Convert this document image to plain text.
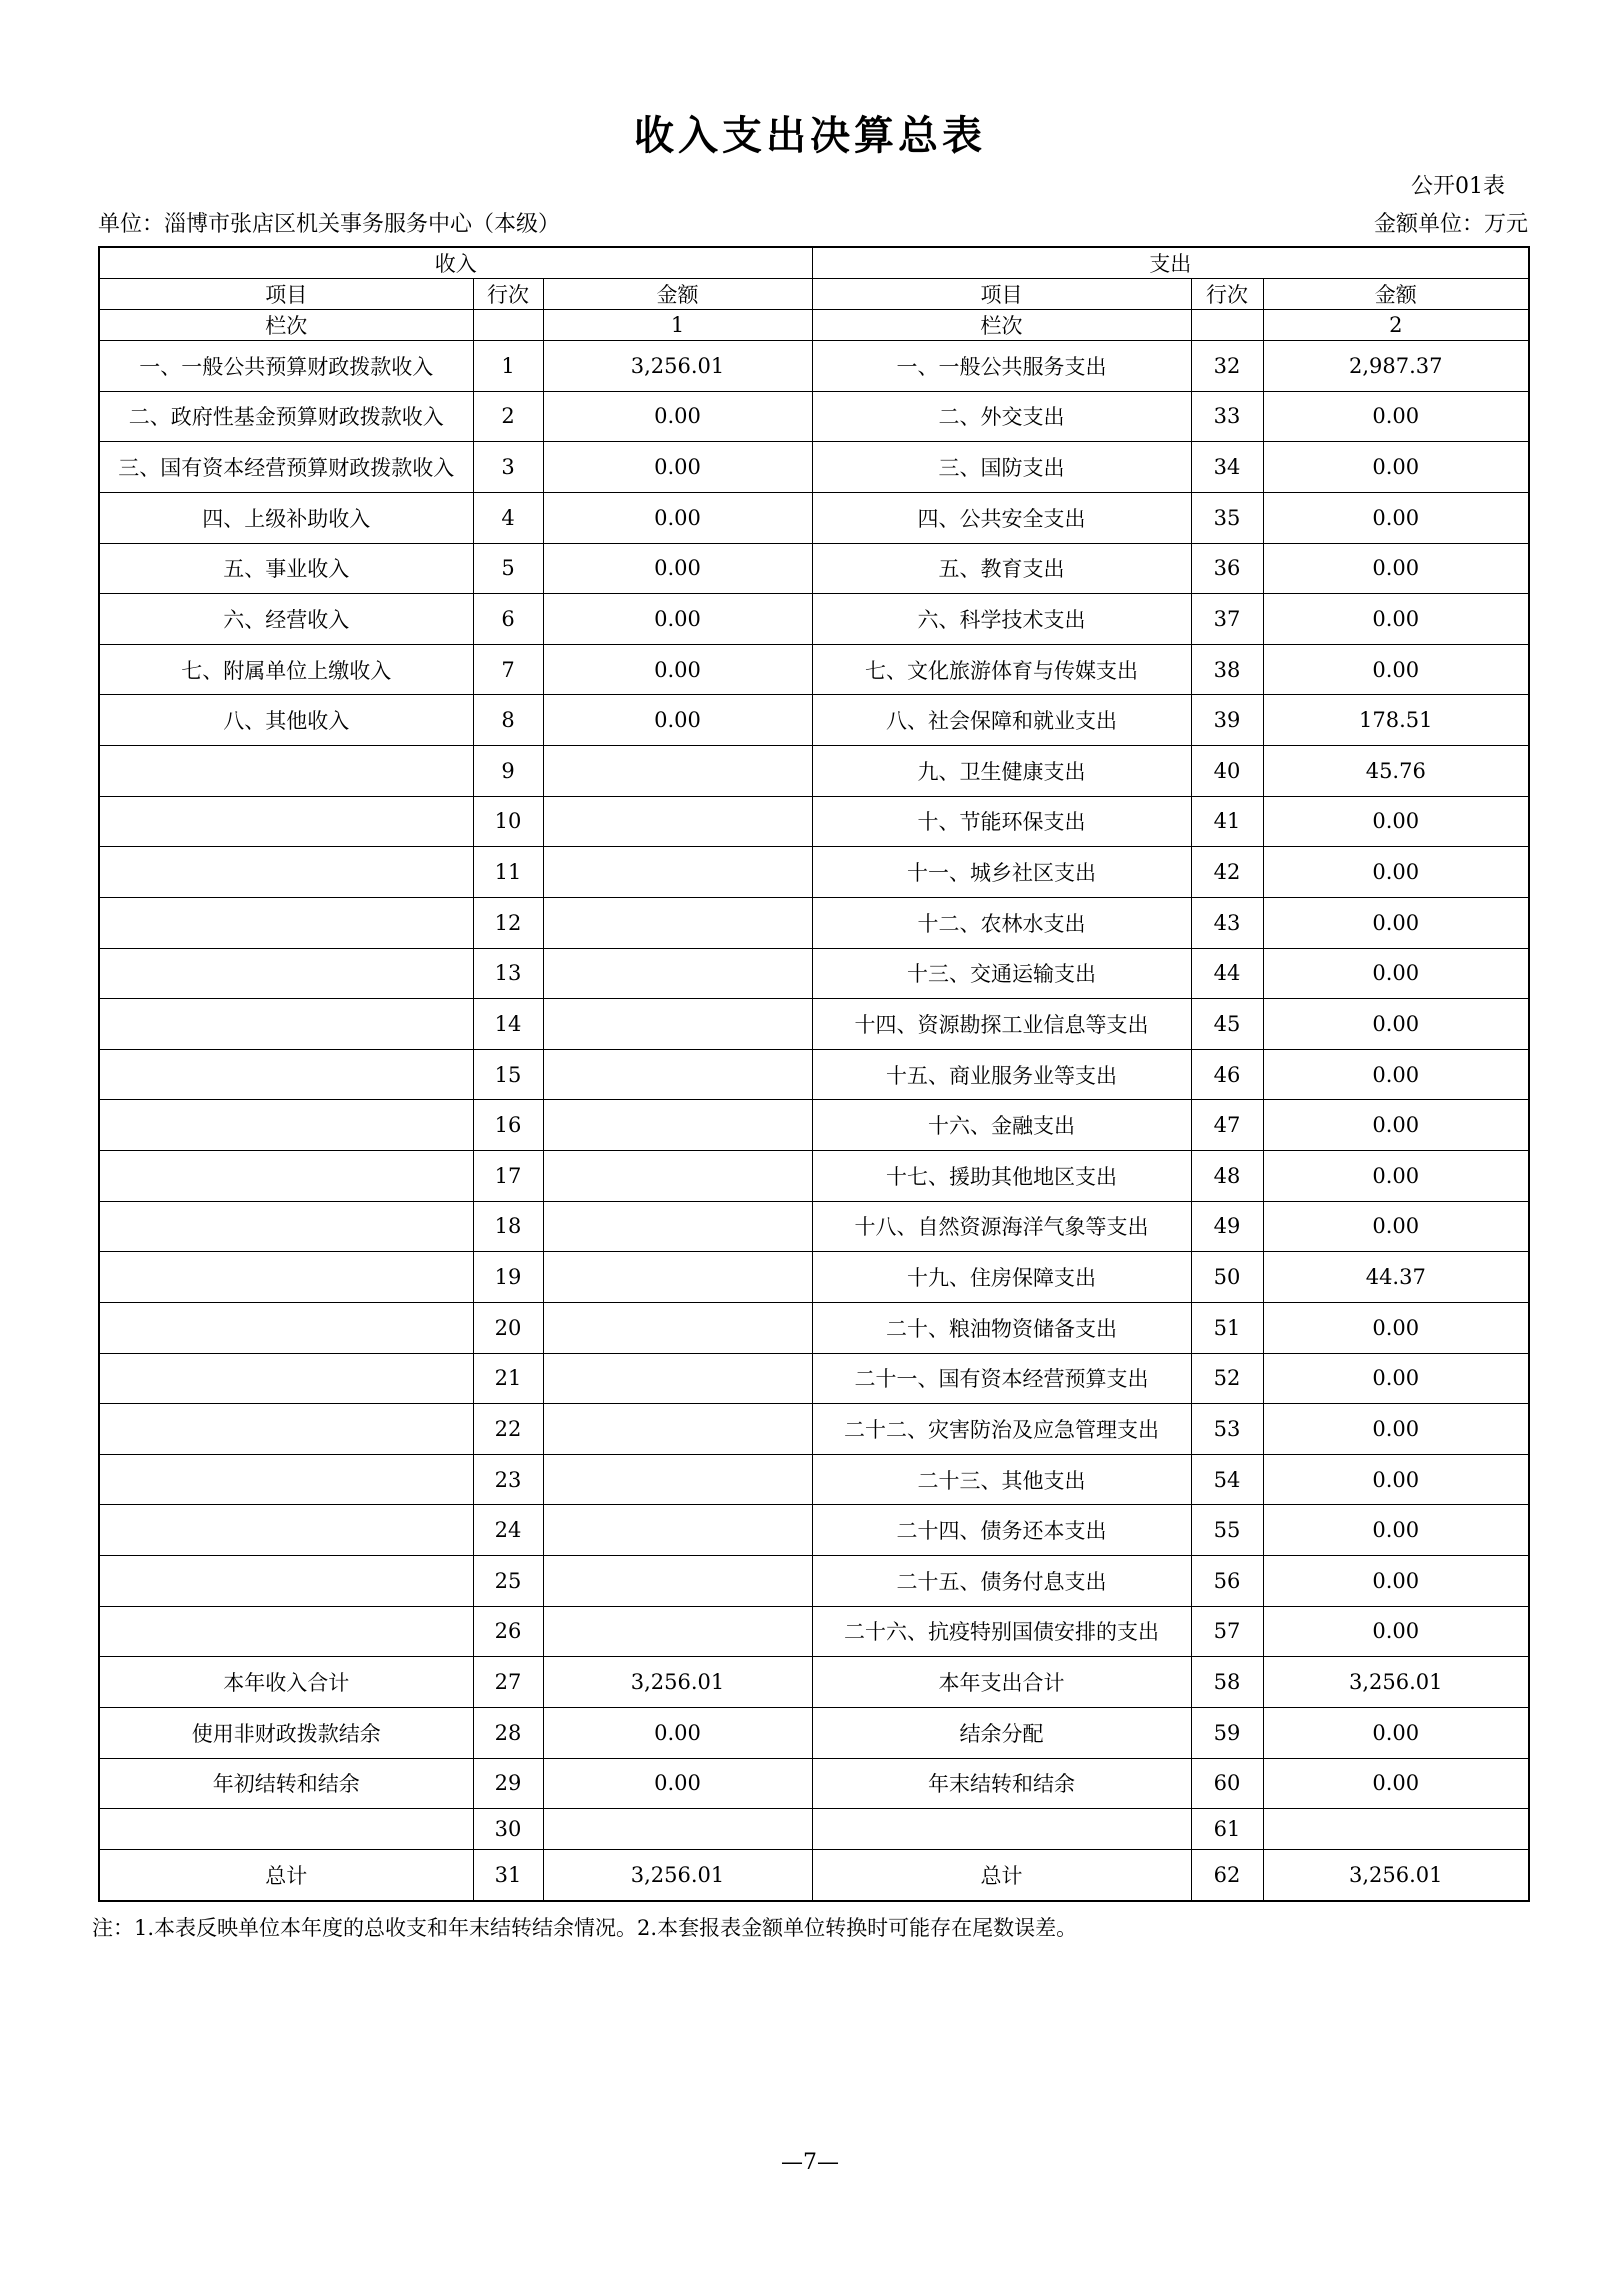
收入支出决算总表
公开01表
单位：淄博市张店区机关事务服务中心（本级）	金额单位：万元
收入			支出		
项目	行次	金额	项目	行次	金额
栏次		1	栏次		2
一、一般公共预算财政拨款收入	1	3,256.01	一、一般公共服务支出	32	2,987.37
二、政府性基金预算财政拨款收入	2	0.00	二、外交支出	33	0.00
三、国有资本经营预算财政拨款收入	3	0.00	三、国防支出	34	0.00
四、上级补助收入	4	0.00	四、公共安全支出	35	0.00
五、事业收入	5	0.00	五、教育支出	36	0.00
六、经营收入	6	0.00	六、科学技术支出	37	0.00
七、附属单位上缴收入	7	0.00	七、文化旅游体育与传媒支出	38	0.00
八、其他收入	8	0.00	八、社会保障和就业支出	39	178.51
	9		九、卫生健康支出	40	45.76
	10		十、节能环保支出	41	0.00
	11		十一、城乡社区支出	42	0.00
	12		十二、农林水支出	43	0.00
	13		十三、交通运输支出	44	0.00
	14		十四、资源勘探工业信息等支出	45	0.00
	15		十五、商业服务业等支出	46	0.00
	16		十六、金融支出	47	0.00
	17		十七、援助其他地区支出	48	0.00
	18		十八、自然资源海洋气象等支出	49	0.00
	19		十九、住房保障支出	50	44.37
	20		二十、粮油物资储备支出	51	0.00
	21		二十一、国有资本经营预算支出	52	0.00
	22		二十二、灾害防治及应急管理支出	53	0.00
	23		二十三、其他支出	54	0.00
	24		二十四、债务还本支出	55	0.00
	25		二十五、债务付息支出	56	0.00
	26		二十六、抗疫特别国债安排的支出	57	0.00
本年收入合计	27	3,256.01	本年支出合计	58	3,256.01
使用非财政拨款结余	28	0.00	结余分配	59	0.00
年初结转和结余	29	0.00	年末结转和结余	60	0.00
	30			61	
总计	31	3,256.01	总计	62	3,256.01

注：1.本表反映单位本年度的总收支和年末结转结余情况。2.本套报表金额单位转换时可能存在尾数误差。

—7—
